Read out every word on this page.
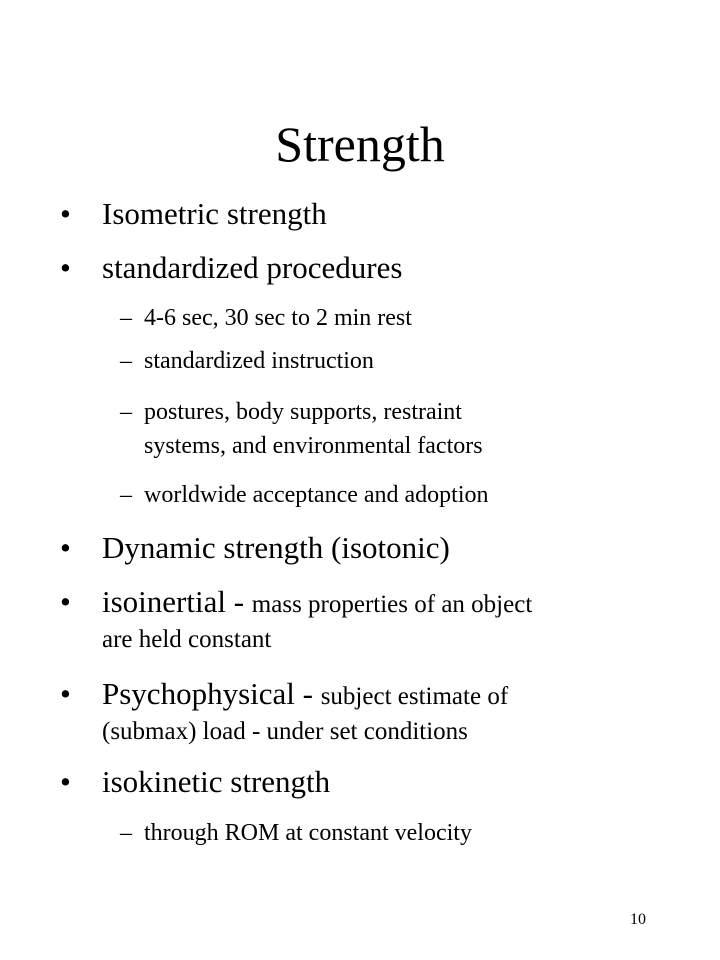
Strength
•	Isometric strength
•	standardized procedures
– 4-6 sec, 30 sec to 2 min rest
– standardized instruction
– postures, body supports, restraint
systems, and environmental factors
– worldwide acceptance and adoption
•	Dynamic strength (isotonic)
•	isoinertial - mass properties of an object
are held constant
•	Psychophysical - subject estimate of
(submax) load - under set conditions
•	isokinetic strength
– through ROM at constant velocity
10
